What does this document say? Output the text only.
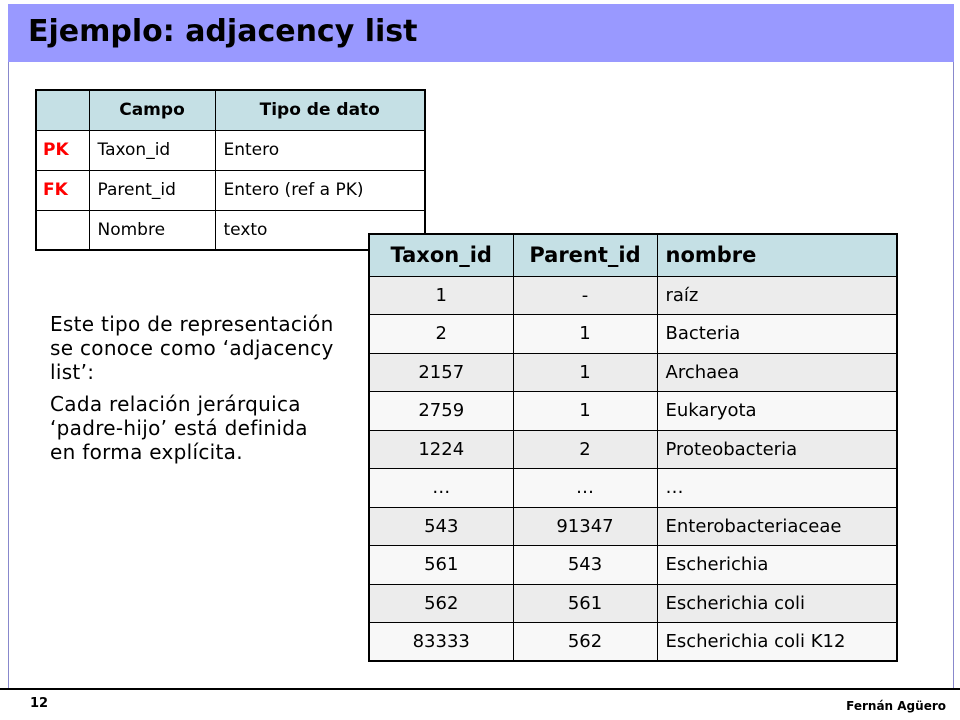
Ejemplo: adjacency list
	Campo	Tipo de dato
PK	Taxon_id	Entero
FK	Parent_id	Entero (ref a PK)
	Nombre	texto

Este tipo de representación se conoce como ‘adjacency list’:

Cada relación jerárquica ‘padre-hijo’ está definida en forma explícita.

Taxon_id	Parent_id	nombre
1	-	raíz
2	1	Bacteria
2157	1	Archaea
2759	1	Eukaryota
1224	2	Proteobacteria
…	…	…
543	91347	Enterobacteriaceae
561	543	Escherichia
562	561	Escherichia coli
83333	562	Escherichia coli K12
12	Fernán Agüero
